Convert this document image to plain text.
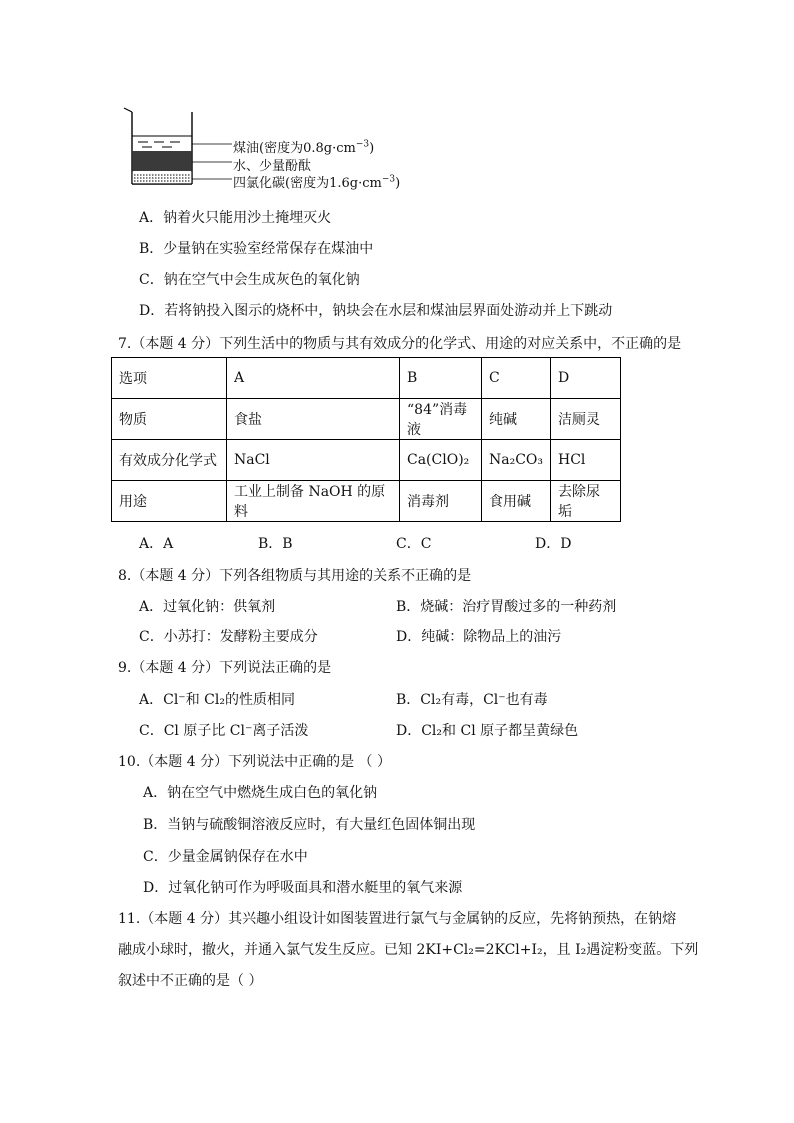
煤油(密度为$0.8g\cdot cm^{-3}$)
水、少量酚酞
四氯化碳(密度为$1.6g\cdot cm^{-3}$)
A．钠着火只能用沙土掩埋灭火
B．少量钠在实验室经常保存在煤油中
C．钠在空气中会生成灰色的氧化钠
D．若将钠投入图示的烧杯中，钠块会在水层和煤油层界面处游动并上下跳动
7.（本题 4 分）下列生活中的物质与其有效成分的化学式、用途的对应关系中，不正确的是
选项	A	B	C	D
物质	食盐	“84”消毒液	纯碱	洁厕灵
有效成分化学式	NaCl	Ca(ClO)₂	Na₂CO₃	HCl
用途	工业上制备 NaOH 的原料	消毒剂	食用碱	去除尿垢
A．A	B．B	C．C	D．D
8.（本题 4 分）下列各组物质与其用途的关系不正确的是
A．过氧化钠：供氧剂	B．烧碱：治疗胃酸过多的一种药剂
C．小苏打：发酵粉主要成分	D．纯碱：除物品上的油污
9.（本题 4 分）下列说法正确的是
A．Cl⁻和 Cl₂的性质相同	B．Cl₂有毒，Cl⁻也有毒
C．Cl 原子比 Cl⁻离子活泼	D．Cl₂和 Cl 原子都呈黄绿色
10.（本题 4 分）下列说法中正确的是 （ ）
A．钠在空气中燃烧生成白色的氧化钠
B．当钠与硫酸铜溶液反应时，有大量红色固体铜出现
C．少量金属钠保存在水中
D．过氧化钠可作为呼吸面具和潜水艇里的氧气来源
11.（本题 4 分）其兴趣小组设计如图装置进行氯气与金属钠的反应，先将钠预热，在钠熔
融成小球时，撤火，并通入氯气发生反应。已知 2KI+Cl₂=2KCl+I₂，且 I₂遇淀粉变蓝。下列
叙述中不正确的是（ ）
